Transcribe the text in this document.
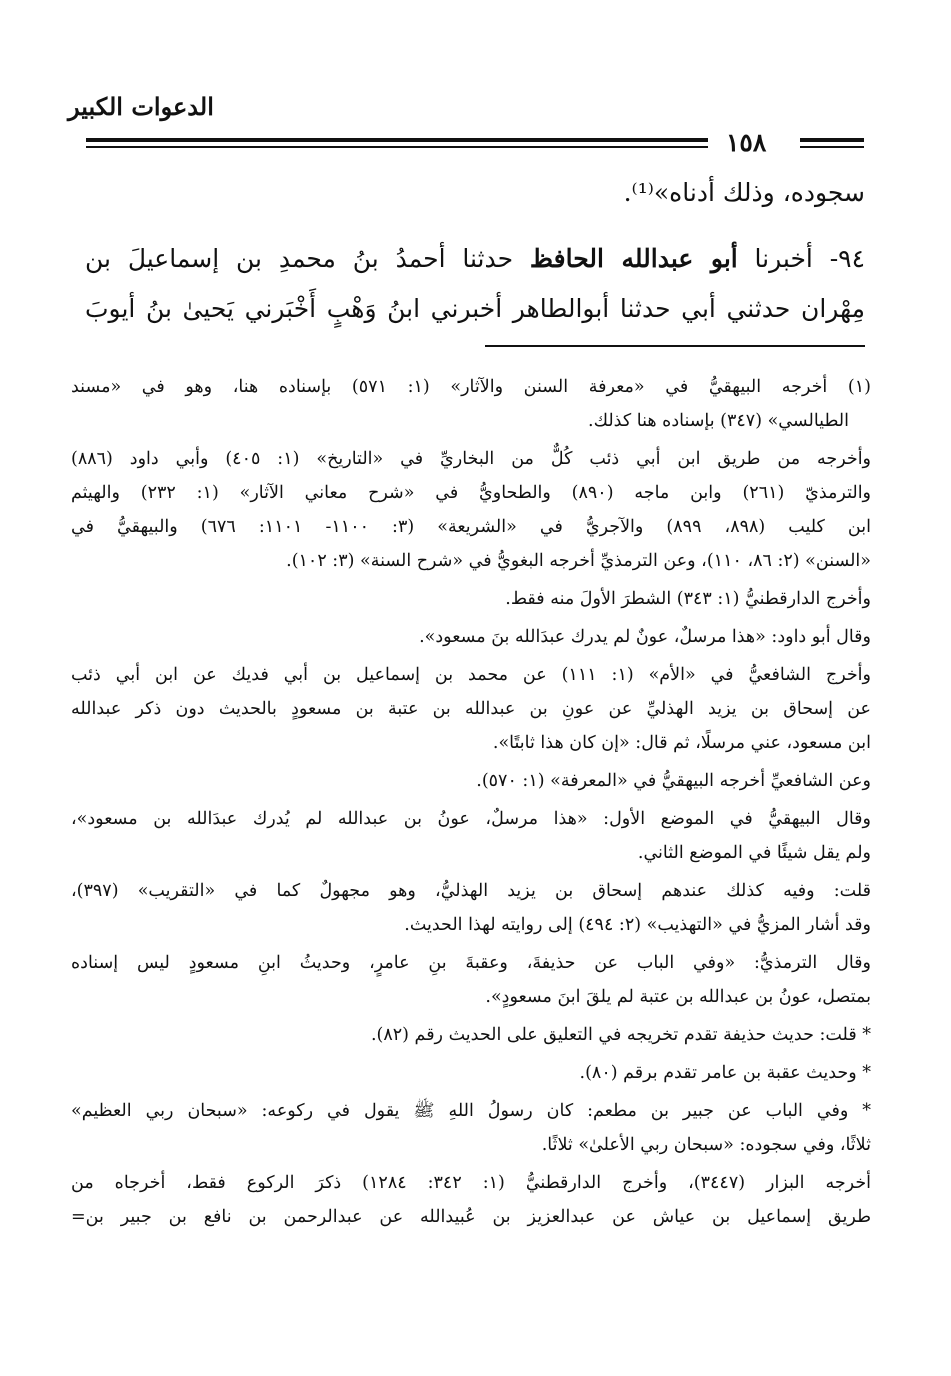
الدعوات الكبير
١٥٨
سجوده، وذلك أدناه»⁽¹⁾.
٩٤- أخبرنا أبو عبدالله الحافظ حدثنا أحمدُ بنُ محمدِ بن إسماعيلَ بن
مِهْران حدثني أبي حدثنا أبوالطاهر أخبرني ابنُ وَهْبٍ أَخْبَرني يَحيىٰ بنُ أيوبَ
(١) أخرجه البيهقيُّ في «معرفة السنن والآثار» (١: ٥٧١) بإسناده هنا، وهو في «مسند
الطيالسي» (٣٤٧) بإسناده هنا كذلك.
وأخرجه من طريق ابن أبي ذئب كُلٌّ من البخاريِّ في «التاريخ» (١: ٤٠٥) وأبي داود (٨٨٦)
والترمذيّ (٢٦١) وابن ماجه (٨٩٠) والطحاويُّ في «شرح معاني الآثار» (١: ٢٣٢) والهيثم
ابن كليب (٨٩٨، ٨٩٩) والآجريُّ في «الشريعة» (٣: ١١٠٠- ١١٠١: ٦٧٦) والبيهقيُّ في
«السنن» (٢: ٨٦، ١١٠)، وعن الترمذيِّ أخرجه البغويُّ في «شرح السنة» (٣: ١٠٢).
وأخرج الدارقطنيُّ (١: ٣٤٣) الشطرَ الأولَ منه فقط.
وقال أبو داود: «هذا مرسلٌ، عونٌ لم يدرك عبدَالله بنَ مسعود».
وأخرج الشافعيُّ في «الأم» (١: ١١١) عن محمد بن إسماعيل بن أبي فديك عن ابن أبي ذئب
عن إسحاق بن يزيد الهذليِّ عن عونِ بن عبدالله بن عتبة بن مسعودٍ بالحديث دون ذكر عبدالله
ابن مسعود، عني مرسلًا، ثم قال: «إن كان هذا ثابتًا».
وعن الشافعيِّ أخرجه البيهقيُّ في «المعرفة» (١: ٥٧٠).
وقال البيهقيُّ في الموضع الأول: «هذا مرسلٌ، عونُ بن عبدالله لم يُدرك عبدَالله بن مسعود»،
ولم يقل شيئًا في الموضع الثاني.
قلت: وفيه كذلك عندهم إسحاق بن يزيد الهذليُّ، وهو مجهولٌ كما في «التقريب» (٣٩٧)،
وقد أشار المزيُّ في «التهذيب» (٢: ٤٩٤) إلى روايته لهذا الحديث.
وقال الترمذيُّ: «وفي الباب عن حذيفةَ، وعقبةَ بنِ عامرٍ، وحديثُ ابنِ مسعودٍ ليس إسناده
بمتصل، عونُ بن عبدالله بن عتبة لم يلقَ ابنَ مسعودٍ».
* قلت: حديث حذيفة تقدم تخريجه في التعليق على الحديث رقم (٨٢).
* وحديث عقبة بن عامر تقدم برقم (٨٠).
* وفي الباب عن جبير بن مطعم: كان رسولُ اللهِ ﷺ يقول في ركوعه: «سبحان ربي العظيم»
ثلاثًا، وفي سجوده: «سبحان ربي الأعلىٰ» ثلاثًا.
أخرجه البزار (٣٤٤٧)، وأخرج الدارقطنيُّ (١: ٣٤٢: ١٢٨٤) ذكرَ الركوع فقط، أخرجاه من
طريق إسماعيل بن عياش عن عبدالعزيز بن عُبيدالله عن عبدالرحمن بن نافع بن جبير بن=
